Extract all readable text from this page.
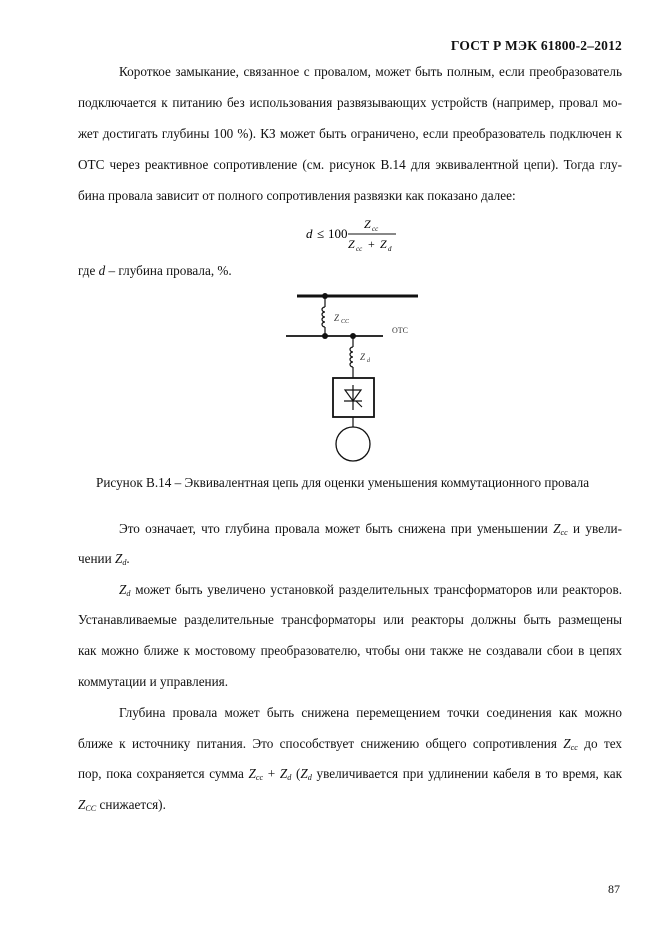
ГОСТ Р МЭК 61800-2–2012
Короткое замыкание, связанное с провалом, может быть полным, если преобразователь
подключается к питанию без использования развязывающих устройств (например, провал мо-
жет достигать глубины 100 %). КЗ может быть ограничено, если преобразователь подключен к
ОТС через реактивное сопротивление (см. рисунок В.14 для эквивалентной цепи). Тогда глу-
бина провала зависит от полного сопротивления развязки как показано далее:
d ≤ 100
Z cc
Z cc + Z d
где d – глубина провала, %.
Z CC
ОТС
Z d
Рисунок В.14 – Эквивалентная цепь для оценки уменьшения коммутационного провала
Это означает, что глубина провала может быть снижена при уменьшении $Z_{cc}$ и увели-
чении $Z_d$.
$Z_d$ может быть увеличено установкой разделительных трансформаторов или реакторов.
Устанавливаемые разделительные трансформаторы или реакторы должны быть размещены
как можно ближе к мостовому преобразователю, чтобы они также не создавали сбои в цепях
коммутации и управления.
Глубина провала может быть снижена перемещением точки соединения как можно
ближе к источнику питания. Это способствует снижению общего сопротивления $Z_{cc}$ до тех
пор, пока сохраняется сумма $Z_{cc} + Z_d$ ($Z_d$ увеличивается при удлинении кабеля в то время, как
$Z_{CC}$ снижается).
87
